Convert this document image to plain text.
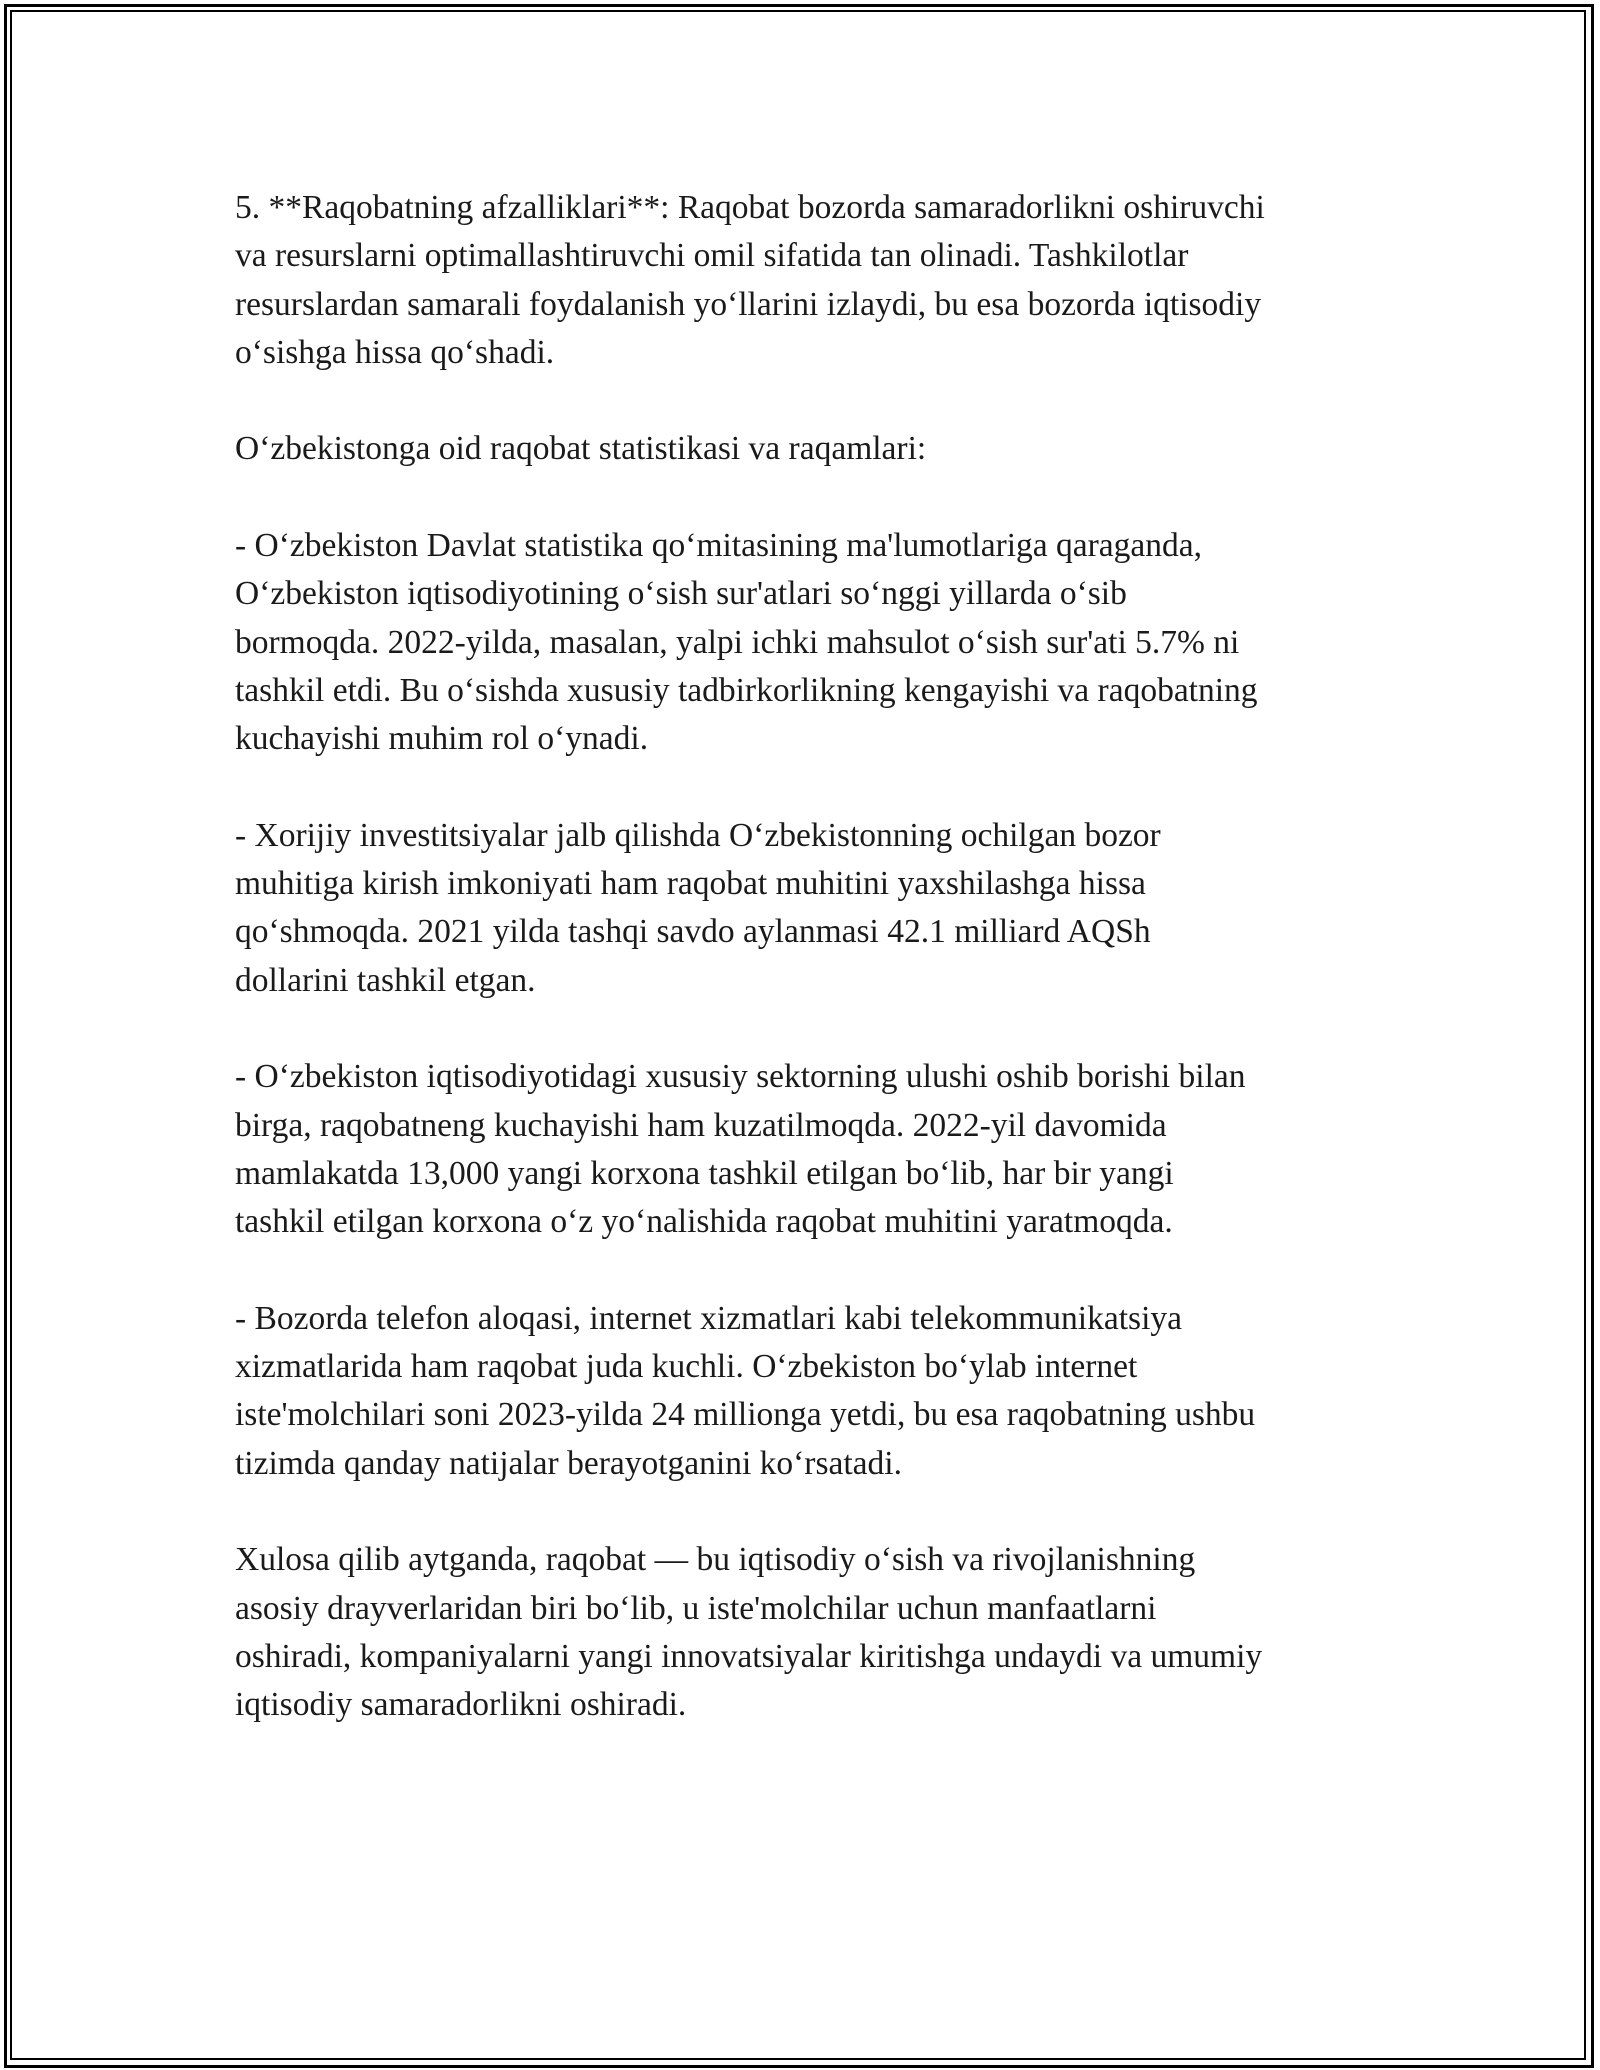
5. **Raqobatning afzalliklari**: Raqobat bozorda samaradorlikni oshiruvchi
va resurslarni optimallashtiruvchi omil sifatida tan olinadi. Tashkilotlar
resurslardan samarali foydalanish yo‘llarini izlaydi, bu esa bozorda iqtisodiy
o‘sishga hissa qo‘shadi.

O‘zbekistonga oid raqobat statistikasi va raqamlari:

- O‘zbekiston Davlat statistika qo‘mitasining ma'lumotlariga qaraganda,
O‘zbekiston iqtisodiyotining o‘sish sur'atlari so‘nggi yillarda o‘sib
bormoqda. 2022-yilda, masalan, yalpi ichki mahsulot o‘sish sur'ati 5.7% ni
tashkil etdi. Bu o‘sishda xususiy tadbirkorlikning kengayishi va raqobatning
kuchayishi muhim rol o‘ynadi.

- Xorijiy investitsiyalar jalb qilishda O‘zbekistonning ochilgan bozor
muhitiga kirish imkoniyati ham raqobat muhitini yaxshilashga hissa
qo‘shmoqda. 2021 yilda tashqi savdo aylanmasi 42.1 milliard AQSh
dollarini tashkil etgan.

- O‘zbekiston iqtisodiyotidagi xususiy sektorning ulushi oshib borishi bilan
birga, raqobatneng kuchayishi ham kuzatilmoqda. 2022-yil davomida
mamlakatda 13,000 yangi korxona tashkil etilgan bo‘lib, har bir yangi
tashkil etilgan korxona o‘z yo‘nalishida raqobat muhitini yaratmoqda.

- Bozorda telefon aloqasi, internet xizmatlari kabi telekommunikatsiya
xizmatlarida ham raqobat juda kuchli. O‘zbekiston bo‘ylab internet
iste'molchilari soni 2023-yilda 24 millionga yetdi, bu esa raqobatning ushbu
tizimda qanday natijalar berayotganini ko‘rsatadi.

Xulosa qilib aytganda, raqobat — bu iqtisodiy o‘sish va rivojlanishning
asosiy drayverlaridan biri bo‘lib, u iste'molchilar uchun manfaatlarni
oshiradi, kompaniyalarni yangi innovatsiyalar kiritishga undaydi va umumiy
iqtisodiy samaradorlikni oshiradi.
